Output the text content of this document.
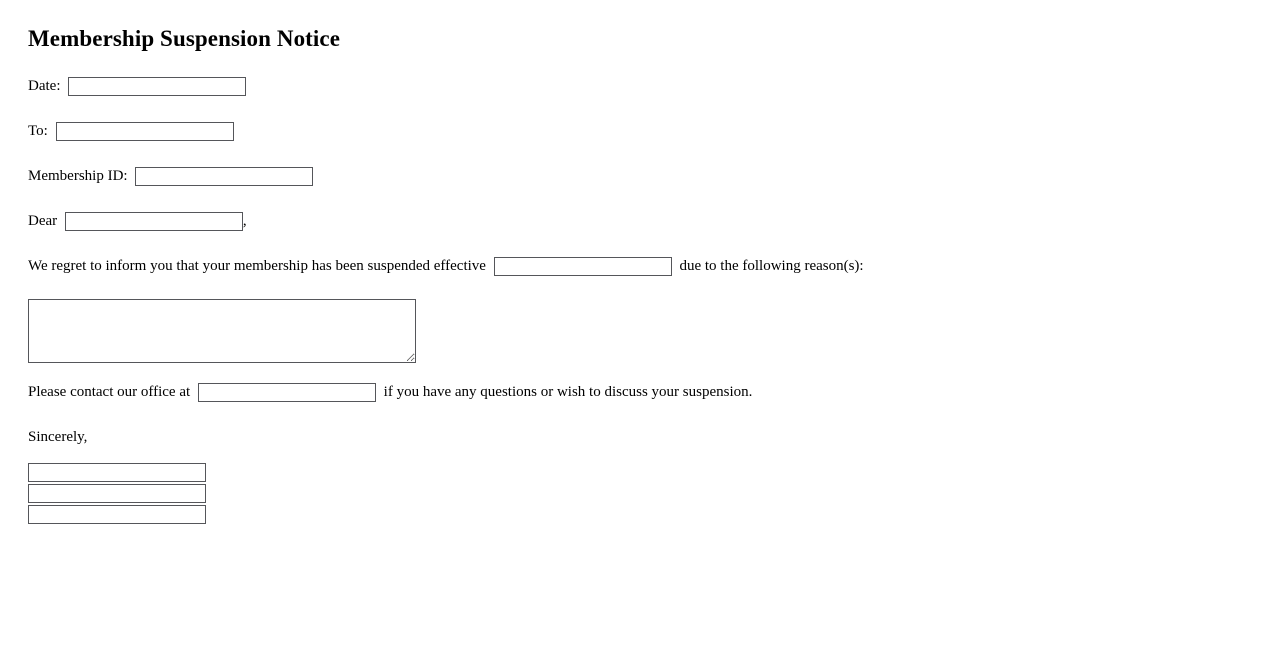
Membership Suspension Notice
Date:
To:
Membership ID:
Dear	,
We regret to inform you that your membership has been suspended effective	due to the following reason(s):
Please contact our office at	if you have any questions or wish to discuss your suspension.
Sincerely,
